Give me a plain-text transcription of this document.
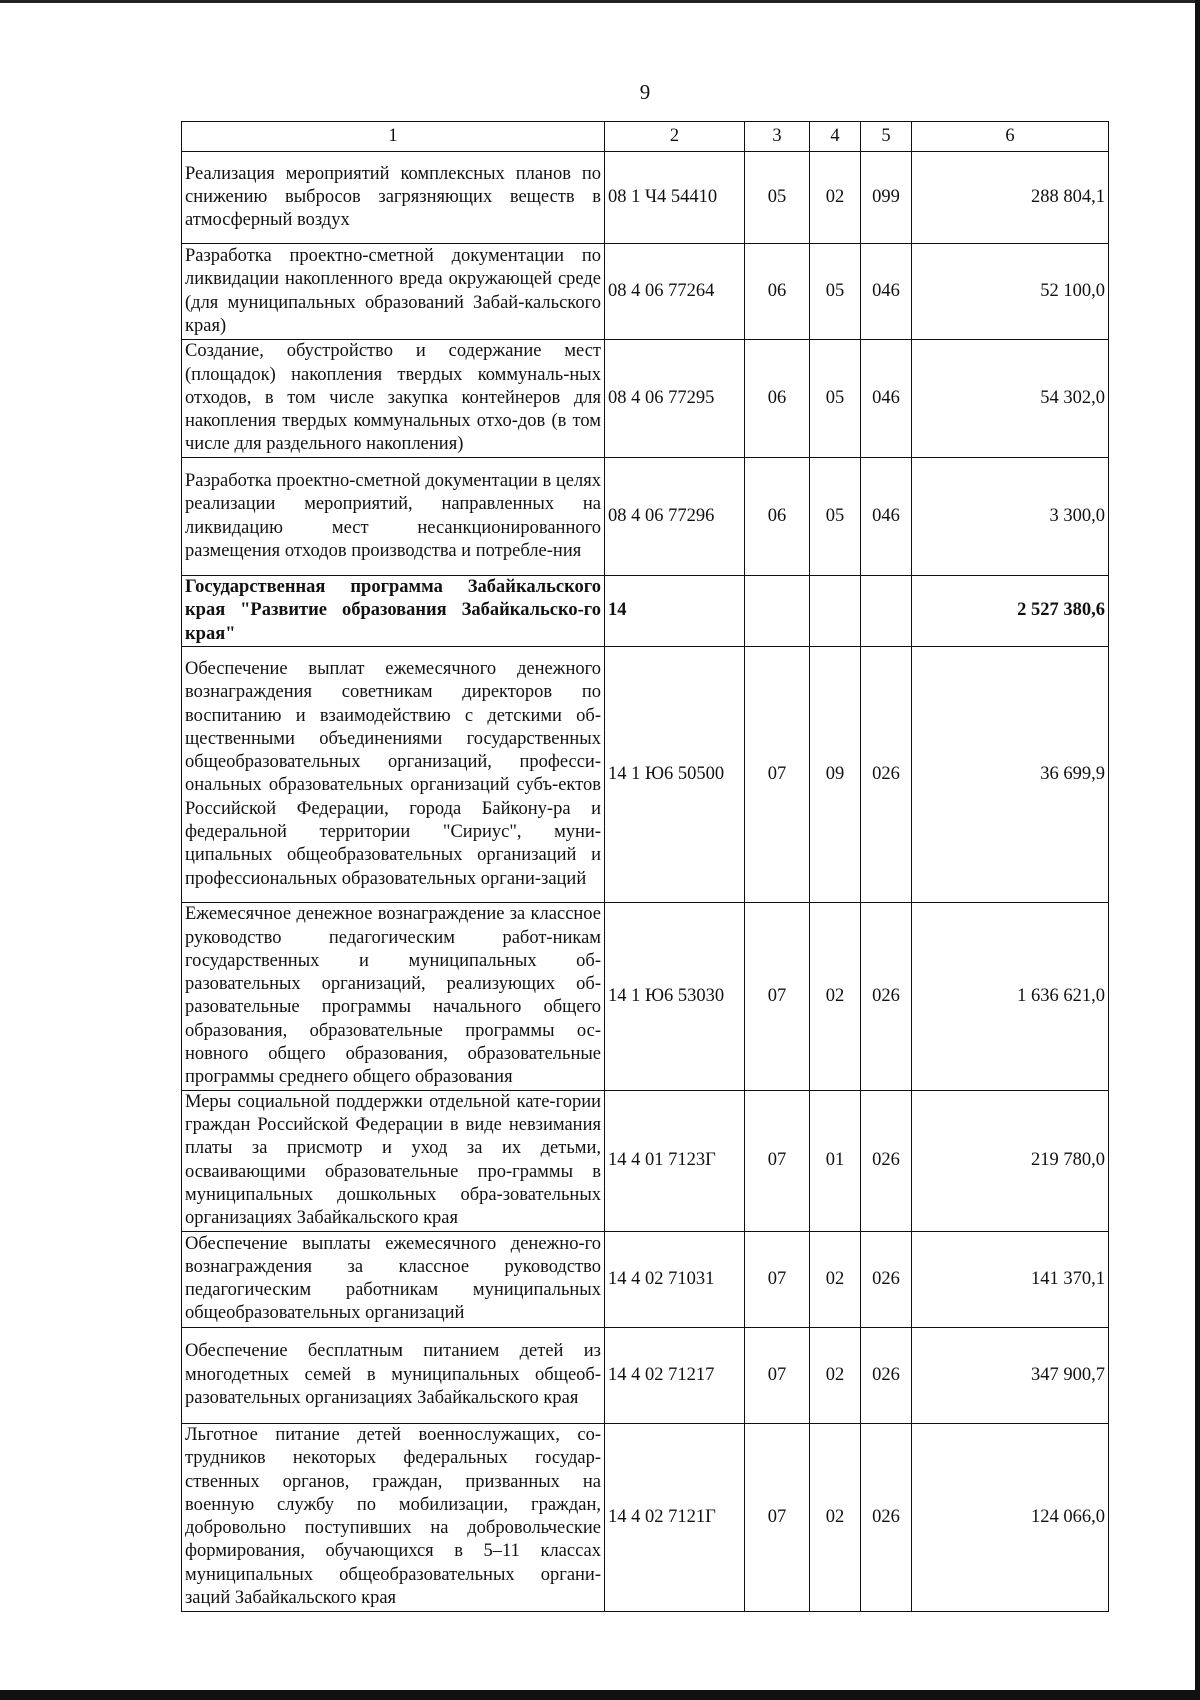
9
1	2	3	4	5	6
Реализация мероприятий комплексных планов по снижению выбросов загрязняющих веществ в атмосферный воздух	08 1 Ч4 54410	05	02	099	288 804,1
Разработка проектно-сметной документации по ликвидации накопленного вреда окружающей среде (для муниципальных образований Забай-кальского края)	08 4 06 77264	06	05	046	52 100,0
Создание, обустройство и содержание мест (площадок) накопления твердых коммуналь-ных отходов, в том числе закупка контейнеров для накопления твердых коммунальных отхо-дов (в том числе для раздельного накопления)	08 4 06 77295	06	05	046	54 302,0
Разработка проектно-сметной документации в целях реализации мероприятий, направленных на ликвидацию мест несанкционированного размещения отходов производства и потребле-ния	08 4 06 77296	06	05	046	3 300,0
Государственная программа Забайкальского края "Развитие образования Забайкальско-го края"	14				2 527 380,6
Обеспечение выплат ежемесячного денежного вознаграждения советникам директоров по воспитанию и взаимодействию с детскими об-щественными объединениями государственных общеобразовательных организаций, професси-ональных образовательных организаций субъ-ектов Российской Федерации, города Байкону-ра и федеральной территории "Сириус", муни-ципальных общеобразовательных организаций и профессиональных образовательных органи-заций	14 1 Ю6 50500	07	09	026	36 699,9
Ежемесячное денежное вознаграждение за классное руководство педагогическим работ-никам государственных и муниципальных об-разовательных организаций, реализующих об-разовательные программы начального общего образования, образовательные программы ос-новного общего образования, образовательные программы среднего общего образования	14 1 Ю6 53030	07	02	026	1 636 621,0
Меры социальной поддержки отдельной кате-гории граждан Российской Федерации в виде невзимания платы за присмотр и уход за их детьми, осваивающими образовательные про-граммы в муниципальных дошкольных обра-зовательных организациях Забайкальского края	14 4 01 7123Г	07	01	026	219 780,0
Обеспечение выплаты ежемесячного денежно-го вознаграждения за классное руководство педагогическим работникам муниципальных общеобразовательных организаций	14 4 02 71031	07	02	026	141 370,1
Обеспечение бесплатным питанием детей из многодетных семей в муниципальных общеоб-разовательных организациях Забайкальского края	14 4 02 71217	07	02	026	347 900,7
Льготное питание детей военнослужащих, со-трудников некоторых федеральных государ-ственных органов, граждан, призванных на военную службу по мобилизации, граждан, добровольно поступивших на добровольческие формирования, обучающихся в 5–11 классах муниципальных общеобразовательных органи-заций Забайкальского края	14 4 02 7121Г	07	02	026	124 066,0
